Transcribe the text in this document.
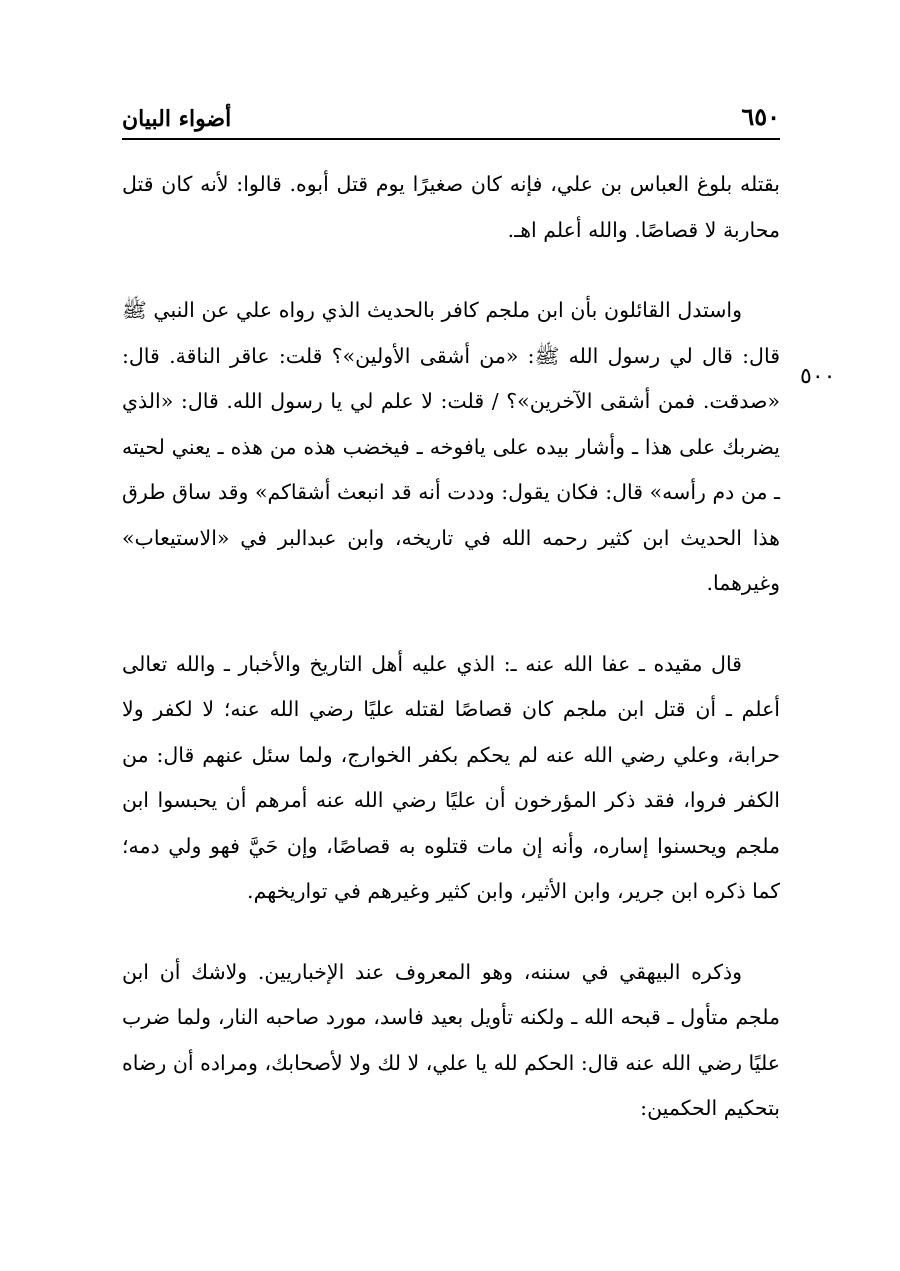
أضواء البيان	٦٥٠
٥٠٠

بقتله بلوغ العباس بن علي، فإنه كان صغيرًا يوم قتل أبوه. قالوا: لأنه كان قتل محاربة لا قصاصًا. والله أعلم اهـ.

واستدل القائلون بأن ابن ملجم كافر بالحديث الذي رواه علي عن النبي ﷺ قال: قال لي رسول الله ﷺ: «من أشقى الأولين»؟ قلت: عاقر الناقة. قال: «صدقت. فمن أشقى الآخرين»؟ / قلت: لا علم لي يا رسول الله. قال: «الذي يضربك على هذا ـ وأشار بيده على يافوخه ـ فيخضب هذه من هذه ـ يعني لحيته ـ من دم رأسه» قال: فكان يقول: وددت أنه قد انبعث أشقاكم» وقد ساق طرق هذا الحديث ابن كثير رحمه الله في تاريخه، وابن عبدالبر في «الاستيعاب» وغيرهما.

قال مقيده ـ عفا الله عنه ـ: الذي عليه أهل التاريخ والأخبار ـ والله تعالى أعلم ـ أن قتل ابن ملجم كان قصاصًا لقتله عليًا رضي الله عنه؛ لا لكفر ولا حرابة، وعلي رضي الله عنه لم يحكم بكفر الخوارج، ولما سئل عنهم قال: من الكفر فروا، فقد ذكر المؤرخون أن عليًا رضي الله عنه أمرهم أن يحبسوا ابن ملجم ويحسنوا إساره، وأنه إن مات قتلوه به قصاصًا، وإن حَيَّ فهو ولي دمه؛ كما ذكره ابن جرير، وابن الأثير، وابن كثير وغيرهم في تواريخهم.

وذكره البيهقي في سننه، وهو المعروف عند الإخباريين. ولاشك أن ابن ملجم متأول ـ قبحه الله ـ ولكنه تأويل بعيد فاسد، مورد صاحبه النار، ولما ضرب عليًا رضي الله عنه قال: الحكم لله يا علي، لا لك ولا لأصحابك، ومراده أن رضاه بتحكيم الحكمين:
